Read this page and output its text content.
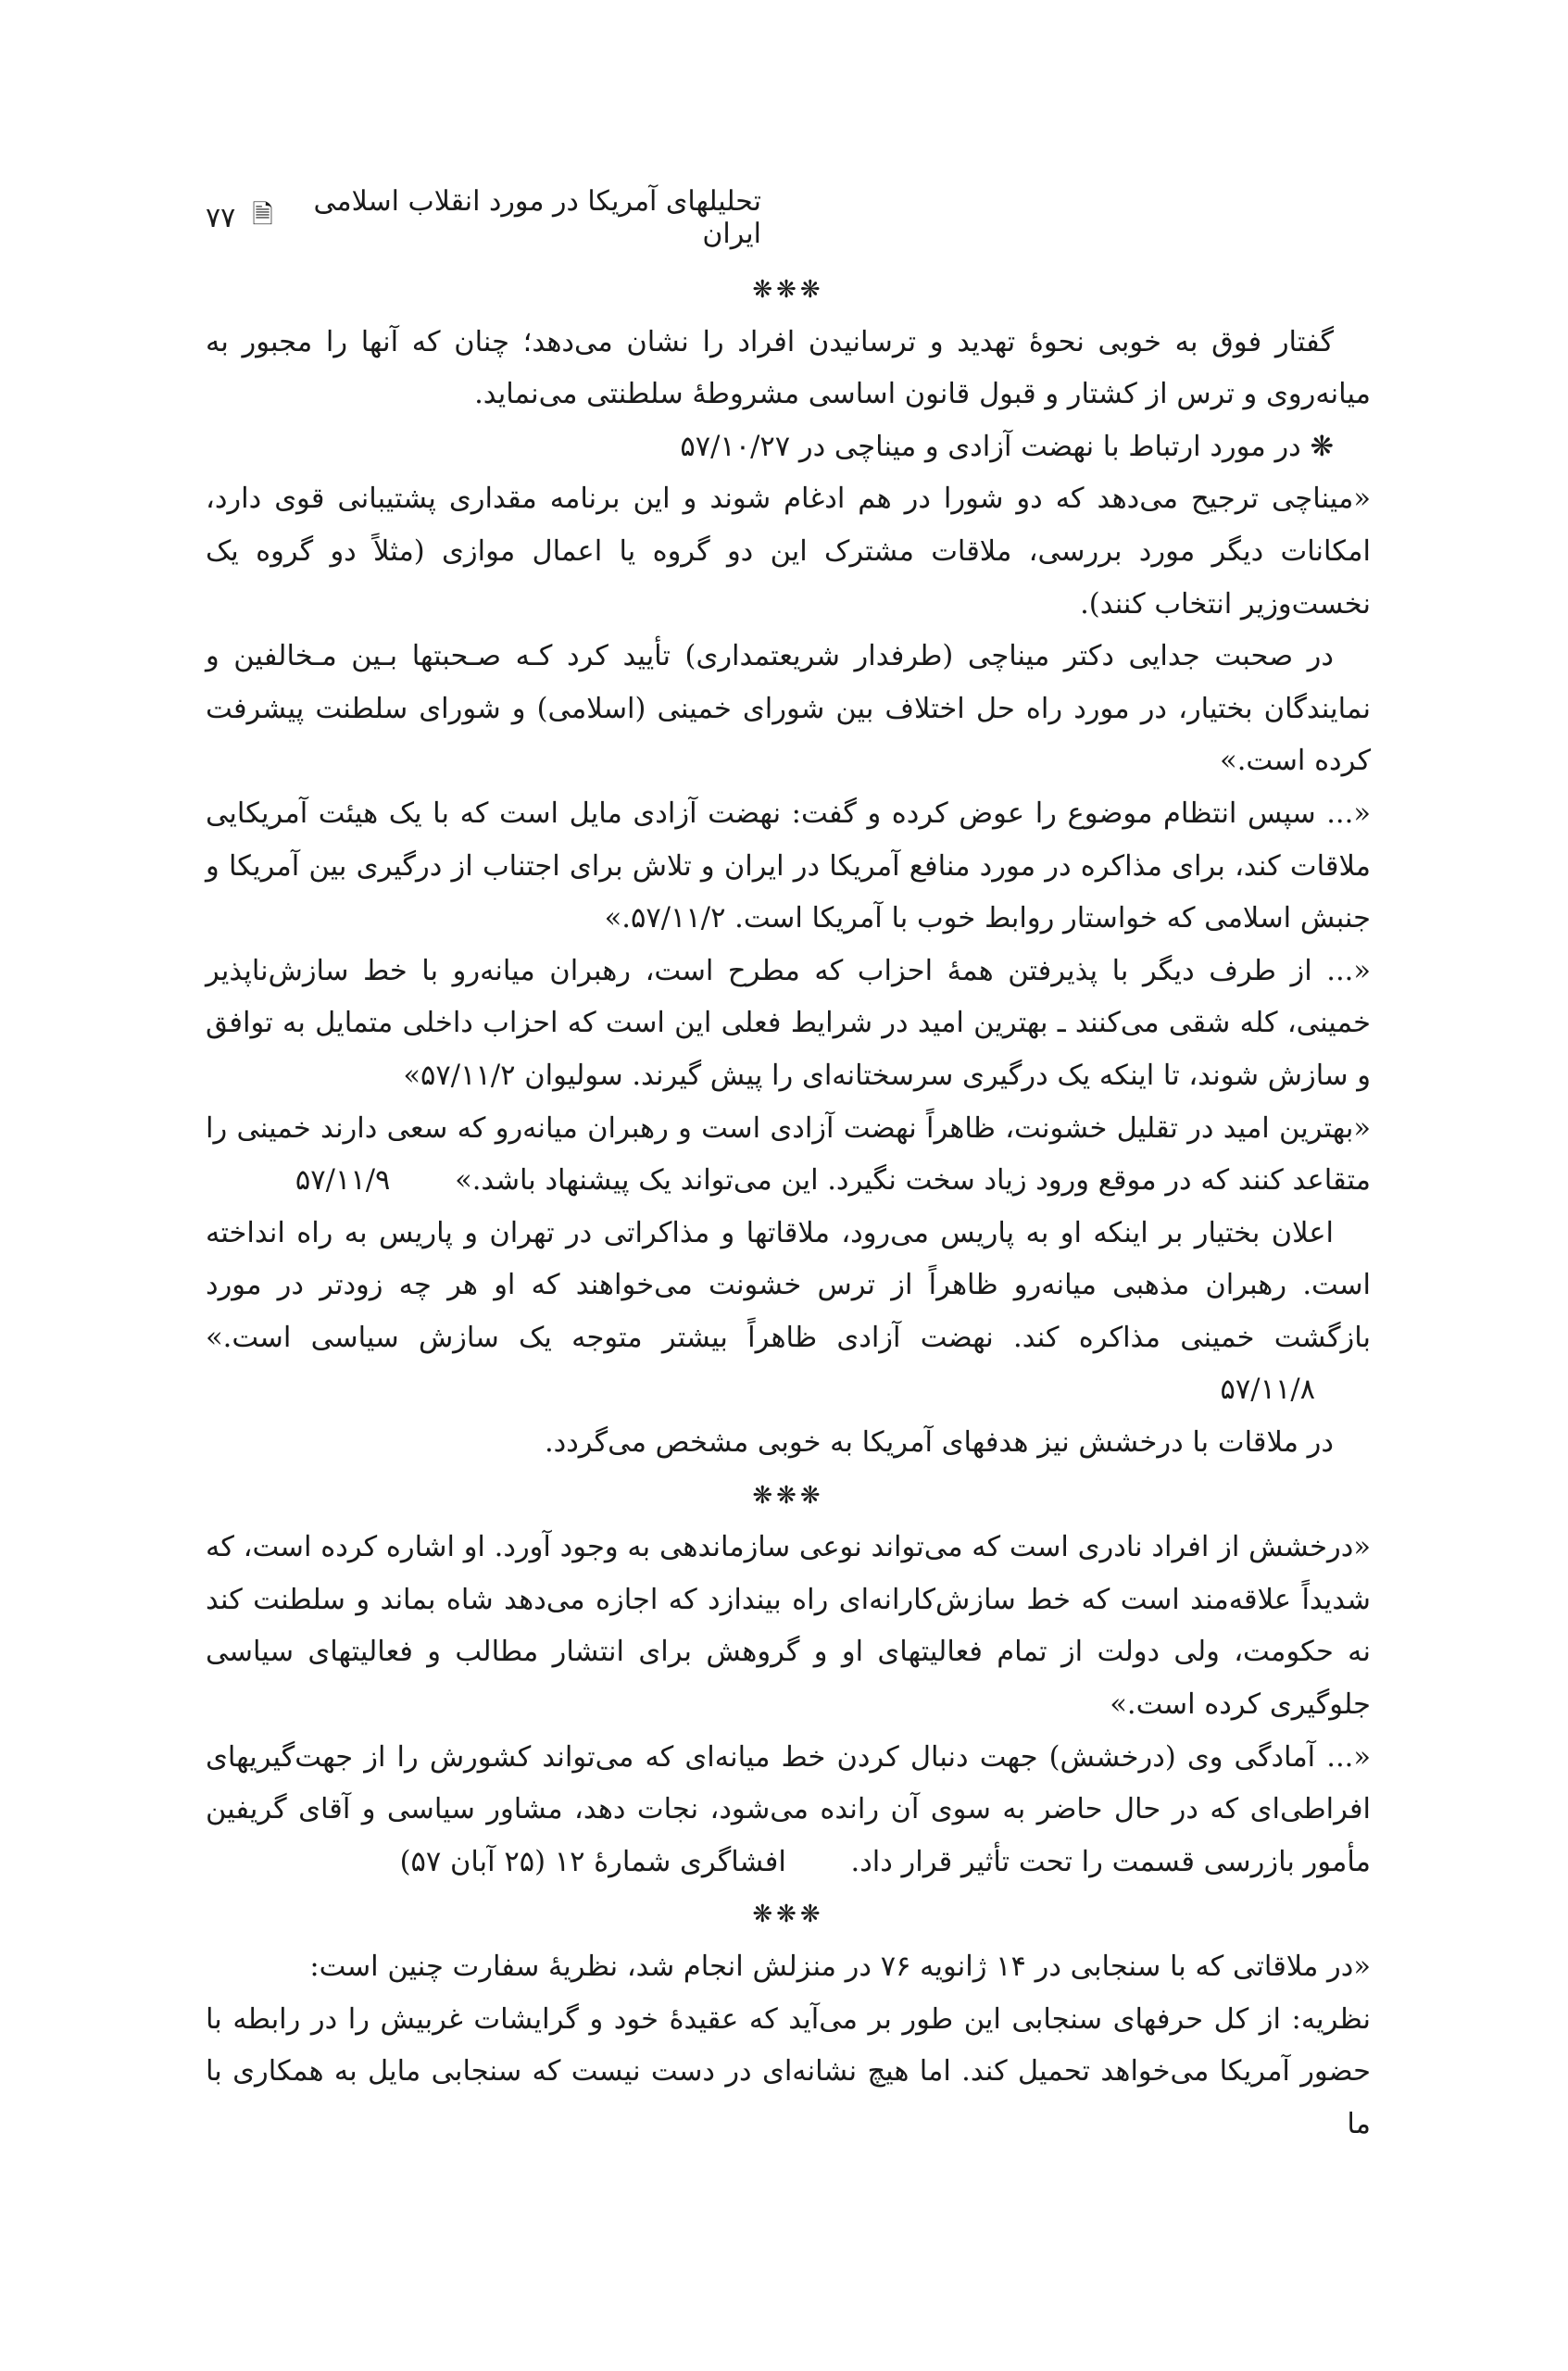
تحلیلهای آمریکا در مورد انقلاب اسلامی ایران
🗎
۷۷

❋❋❋

گفتار فوق به خوبی نحوهٔ تهدید و ترسانیدن افراد را نشان می‌دهد؛ چنان که آنها را مجبور به میانه‌روی و ترس از کشتار و قبول قانون اساسی مشروطهٔ سلطنتی می‌نماید.

❋ در مورد ارتباط با نهضت آزادی و میناچی در ۵۷/۱۰/۲۷

«میناچی ترجیح می‌دهد که دو شورا در هم ادغام شوند و این برنامه مقداری پشتیبانی قوی دارد، امکانات دیگر مورد بررسی، ملاقات مشترک این دو گروه یا اعمال موازی (مثلاً دو گروه یک نخست‌وزیر انتخاب کنند).

در صحبت جدایی دکتر میناچی (طرفدار شریعتمداری) تأیید کرد کـه صـحبتها بـین مـخالفین و نمایندگان بختیار، در مورد راه حل اختلاف بین شورای خمینی (اسلامی) و شورای سلطنت پیشرفت کرده است.»

«... سپس انتظام موضوع را عوض کرده و گفت: نهضت آزادی مایل است که با یک هیئت آمریکایی ملاقات کند، برای مذاکره در مورد منافع آمریکا در ایران و تلاش برای اجتناب از درگیری بین آمریکا و جنبش اسلامی که خواستار روابط خوب با آمریکا است. ۵۷/۱۱/۲.»

«... از طرف دیگر با پذیرفتن همهٔ احزاب که مطرح است، رهبران میانه‌رو با خط سازش‌ناپذیر خمینی، کله شقی می‌کنند ـ بهترین امید در شرایط فعلی این است که احزاب داخلی متمایل به توافق و سازش شوند، تا اینکه یک درگیری سرسختانه‌ای را پیش گیرند. سولیوان ۵۷/۱۱/۲»

«بهترین امید در تقلیل خشونت، ظاهراً نهضت آزادی است و رهبران میانه‌رو که سعی دارند خمینی را متقاعد کنند که در موقع ورود زیاد سخت نگیرد. این می‌تواند یک پیشنهاد باشد.» ۵۷/۱۱/۹

اعلان بختیار بر اینکه او به پاریس می‌رود، ملاقاتها و مذاکراتی در تهران و پاریس به راه انداخته است. رهبران مذهبی میانه‌رو ظاهراً از ترس خشونت می‌خواهند که او هر چه زودتر در مورد بازگشت خمینی مذاکره کند. نهضت آزادی ظاهراً بیشتر متوجه یک سازش سیاسی است.» ۵۷/۱۱/۸

در ملاقات با درخشش نیز هدفهای آمریکا به خوبی مشخص می‌گردد.

❋❋❋

«درخشش از افراد نادری است که می‌تواند نوعی سازماندهی به وجود آورد. او اشاره کرده است، که شدیداً علاقه‌مند است که خط سازش‌کارانه‌ای راه بیندازد که اجازه می‌دهد شاه بماند و سلطنت کند نه حکومت، ولی دولت از تمام فعالیتهای او و گروهش برای انتشار مطالب و فعالیتهای سیاسی جلوگیری کرده است.»

«... آمادگی وی (درخشش) جهت دنبال کردن خط میانه‌ای که می‌تواند کشورش را از جهت‌گیریهای افراطی‌ای که در حال حاضر به سوی آن رانده می‌شود، نجات دهد، مشاور سیاسی و آقای گریفین مأمور بازرسی قسمت را تحت تأثیر قرار داد. افشاگری شمارهٔ ۱۲ (۲۵ آبان ۵۷)

❋❋❋

«در ملاقاتی که با سنجابی در ۱۴ ژانویه ۷۶ در منزلش انجام شد، نظریهٔ سفارت چنین است:

نظریه: از کل حرفهای سنجابی این طور بر می‌آید که عقیدهٔ خود و گرایشات غربیش را در رابطه با حضور آمریکا می‌خواهد تحمیل کند. اما هیچ نشانه‌ای در دست نیست که سنجابی مایل به همکاری با ما
